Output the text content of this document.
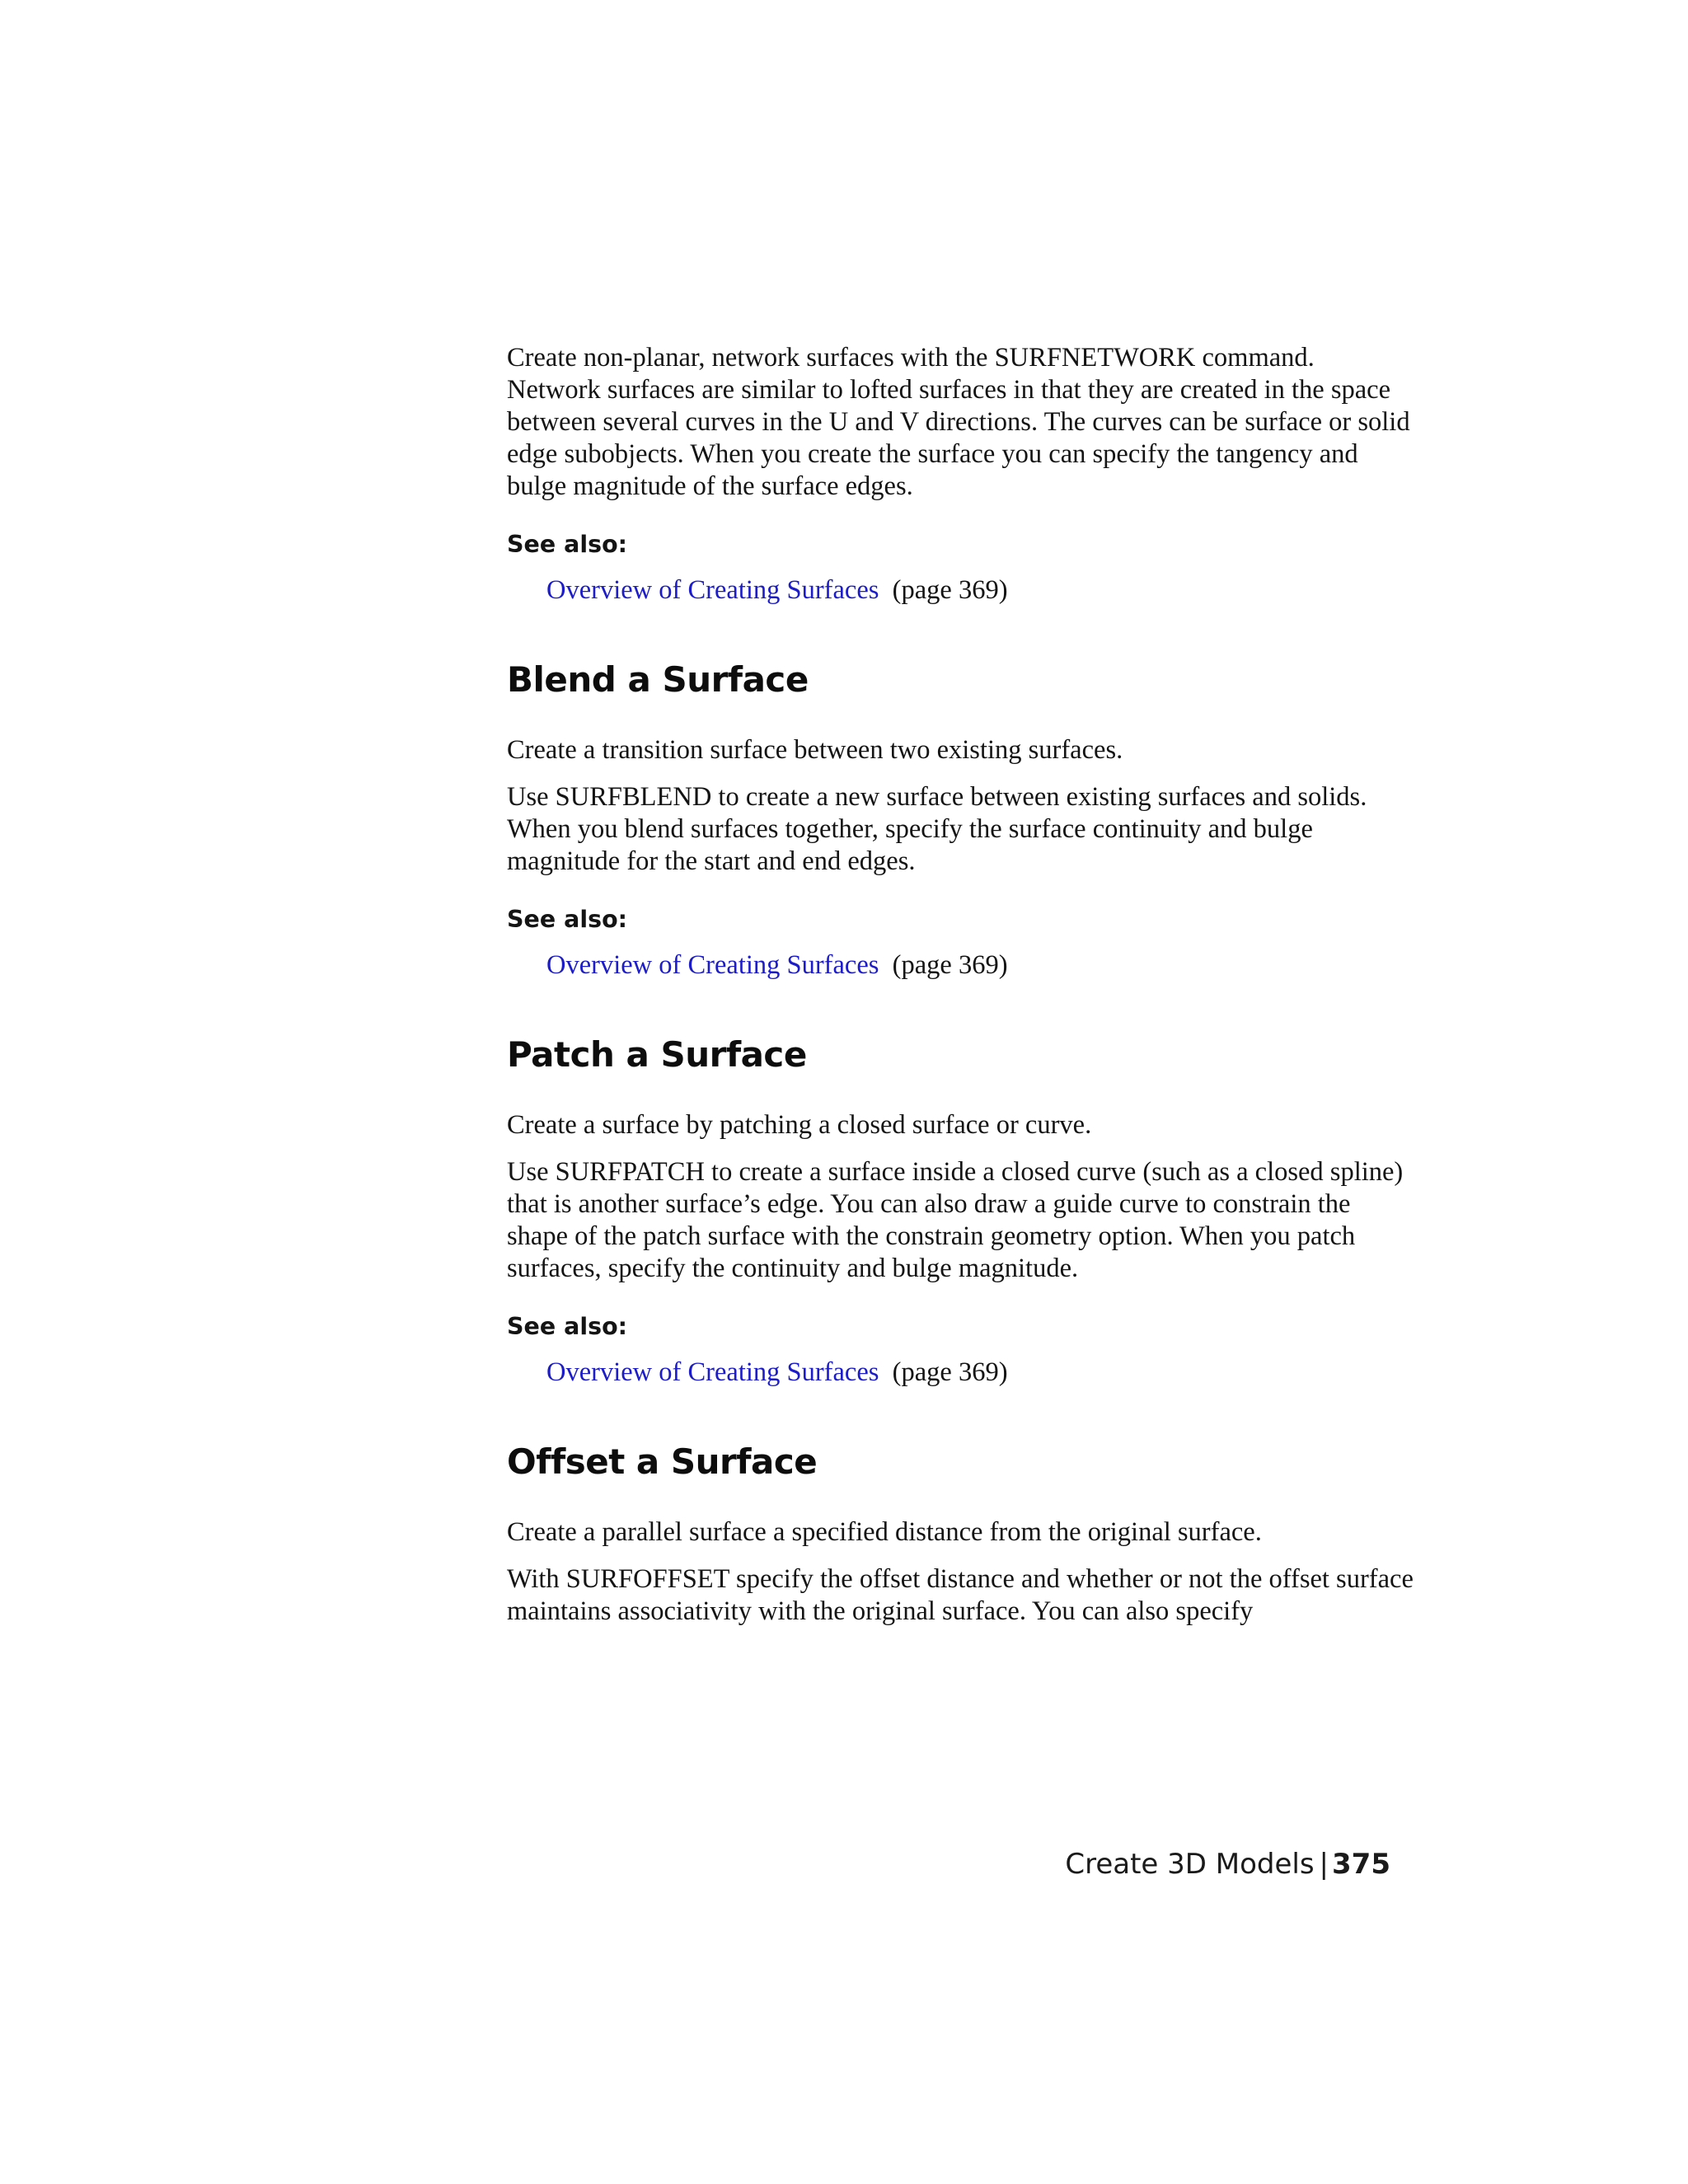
Create non-planar, network surfaces with the SURFNETWORK command. Network surfaces are similar to lofted surfaces in that they are created in the space between several curves in the U and V directions. The curves can be surface or solid edge subobjects. When you create the surface you can specify the tangency and bulge magnitude of the surface edges.

See also:

Overview of Creating Surfaces (page 369)

Blend a Surface

Create a transition surface between two existing surfaces.

Use SURFBLEND to create a new surface between existing surfaces and solids. When you blend surfaces together, specify the surface continuity and bulge magnitude for the start and end edges.

See also:

Overview of Creating Surfaces (page 369)

Patch a Surface

Create a surface by patching a closed surface or curve.

Use SURFPATCH to create a surface inside a closed curve (such as a closed spline) that is another surface’s edge. You can also draw a guide curve to constrain the shape of the patch surface with the constrain geometry option. When you patch surfaces, specify the continuity and bulge magnitude.

See also:

Overview of Creating Surfaces (page 369)

Offset a Surface

Create a parallel surface a specified distance from the original surface.

With SURFOFFSET specify the offset distance and whether or not the offset surface maintains associativity with the original surface. You can also specify

Create 3D Models | 375
